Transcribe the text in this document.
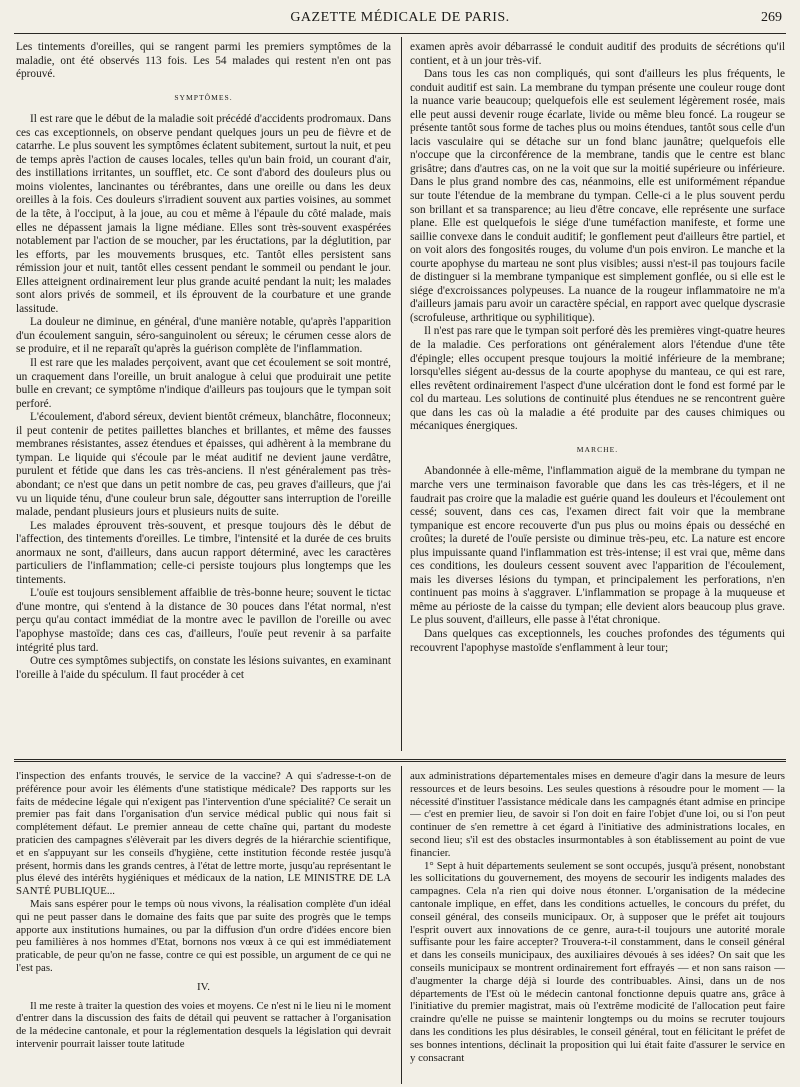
GAZETTE MÉDICALE DE PARIS.	269

Les tintements d'oreilles, qui se rangent parmi les premiers symptômes de la maladie, ont été observés 113 fois. Les 54 malades qui restent n'en ont pas éprouvé.

SYMPTÔMES.

Il est rare que le début de la maladie soit précédé d'accidents prodromaux. Dans ces cas exceptionnels, on observe pendant quelques jours un peu de fièvre et de catarrhe. Le plus souvent les symptômes éclatent subitement, surtout la nuit, et peu de temps après l'action de causes locales, telles qu'un bain froid, un courant d'air, des instillations irritantes, un soufflet, etc. Ce sont d'abord des douleurs plus ou moins violentes, lancinantes ou térébrantes, dans une oreille ou dans les deux oreilles à la fois. Ces douleurs s'irradient souvent aux parties voisines, au sommet de la tête, à l'occiput, à la joue, au cou et même à l'épaule du côté malade, mais elles ne dépassent jamais la ligne médiane. Elles sont très-souvent exaspérées notablement par l'action de se moucher, par les éructations, par la déglutition, par les efforts, par les mouvements brusques, etc. Tantôt elles persistent sans rémission jour et nuit, tantôt elles cessent pendant le sommeil ou pendant le jour. Elles atteignent ordinairement leur plus grande acuité pendant la nuit; les malades sont alors privés de sommeil, et ils éprouvent de la courbature et une grande lassitude.

La douleur ne diminue, en général, d'une manière notable, qu'après l'apparition d'un écoulement sanguin, séro-sanguinolent ou séreux; le cérumen cesse alors de se produire, et il ne reparaît qu'après la guérison complète de l'inflammation.

Il est rare que les malades perçoivent, avant que cet écoulement se soit montré, un craquement dans l'oreille, un bruit analogue à celui que produirait une petite bulle en crevant; ce symptôme n'indique d'ailleurs pas toujours que le tympan soit perforé.

L'écoulement, d'abord séreux, devient bientôt crémeux, blanchâtre, floconneux; il peut contenir de petites paillettes blanches et brillantes, et même des fausses membranes résistantes, assez étendues et épaisses, qui adhèrent à la membrane du tympan. Le liquide qui s'écoule par le méat auditif ne devient jaune verdâtre, purulent et fétide que dans les cas très-anciens. Il n'est généralement pas très-abondant; ce n'est que dans un petit nombre de cas, peu graves d'ailleurs, que j'ai vu un liquide ténu, d'une couleur brun sale, dégoutter sans interruption de l'oreille malade, pendant plusieurs jours et plusieurs nuits de suite.

Les malades éprouvent très-souvent, et presque toujours dès le début de l'affection, des tintements d'oreilles. Le timbre, l'intensité et la durée de ces bruits anormaux ne sont, d'ailleurs, dans aucun rapport déterminé, avec les caractères particuliers de l'inflammation; celle-ci persiste toujours plus longtemps que les tintements.

L'ouïe est toujours sensiblement affaiblie de très-bonne heure; souvent le tictac d'une montre, qui s'entend à la distance de 30 pouces dans l'état normal, n'est perçu qu'au contact immédiat de la montre avec le pavillon de l'oreille ou avec l'apophyse mastoïde; dans ces cas, d'ailleurs, l'ouïe peut revenir à sa parfaite intégrité plus tard.

Outre ces symptômes subjectifs, on constate les lésions suivantes, en examinant l'oreille à l'aide du spéculum. Il faut procéder à cet

examen après avoir débarrassé le conduit auditif des produits de sécrétions qu'il contient, et à un jour très-vif.

Dans tous les cas non compliqués, qui sont d'ailleurs les plus fréquents, le conduit auditif est sain. La membrane du tympan présente une couleur rouge dont la nuance varie beaucoup; quelquefois elle est seulement légèrement rosée, mais elle peut aussi devenir rouge écarlate, livide ou même bleu foncé. La rougeur se présente tantôt sous forme de taches plus ou moins étendues, tantôt sous celle d'un lacis vasculaire qui se détache sur un fond blanc jaunâtre; quelquefois elle n'occupe que la circonférence de la membrane, tandis que le centre est blanc grisâtre; dans d'autres cas, on ne la voit que sur la moitié supérieure ou inférieure. Dans le plus grand nombre des cas, néanmoins, elle est uniformément répandue sur toute l'étendue de la membrane du tympan. Celle-ci a le plus souvent perdu son brillant et sa transparence; au lieu d'être concave, elle représente une surface plane. Elle est quelquefois le siége d'une tuméfaction manifeste, et forme une saillie convexe dans le conduit auditif; le gonflement peut d'ailleurs être partiel, et on voit alors des fongosités rouges, du volume d'un pois environ. Le manche et la courte apophyse du marteau ne sont plus visibles; aussi n'est-il pas toujours facile de distinguer si la membrane tympanique est simplement gonflée, ou si elle est le siége d'excroissances polypeuses. La nuance de la rougeur inflammatoire ne m'a d'ailleurs jamais paru avoir un caractère spécial, en rapport avec quelque dyscrasie (scrofuleuse, arthritique ou syphilitique).

Il n'est pas rare que le tympan soit perforé dès les premières vingt-quatre heures de la maladie. Ces perforations ont généralement alors l'étendue d'une tête d'épingle; elles occupent presque toujours la moitié inférieure de la membrane; lorsqu'elles siégent au-dessus de la courte apophyse du manteau, ce qui est rare, elles revêtent ordinairement l'aspect d'une ulcération dont le fond est formé par le col du marteau. Les solutions de continuité plus étendues ne se rencontrent guère que dans les cas où la maladie a été produite par des causes chimiques ou mécaniques énergiques.

MARCHE.

Abandonnée à elle-même, l'inflammation aiguë de la membrane du tympan ne marche vers une terminaison favorable que dans les cas très-légers, et il ne faudrait pas croire que la maladie est guérie quand les douleurs et l'écoulement ont cessé; souvent, dans ces cas, l'examen direct fait voir que la membrane tympanique est encore recouverte d'un pus plus ou moins épais ou desséché en croûtes; la dureté de l'ouïe persiste ou diminue très-peu, etc. La nature est encore plus impuissante quand l'inflammation est très-intense; il est vrai que, même dans ces conditions, les douleurs cessent souvent avec l'apparition de l'écoulement, mais les diverses lésions du tympan, et principalement les perforations, n'en continuent pas moins à s'aggraver. L'inflammation se propage à la muqueuse et même au périoste de la caisse du tympan; elle devient alors beaucoup plus grave. Le plus souvent, d'ailleurs, elle passe à l'état chronique.

Dans quelques cas exceptionnels, les couches profondes des téguments qui recouvrent l'apophyse mastoïde s'enflamment à leur tour;

l'inspection des enfants trouvés, le service de la vaccine? A qui s'adresse-t-on de préférence pour avoir les éléments d'une statistique médicale? Des rapports sur les faits de médecine légale qui n'exigent pas l'intervention d'une spécialité? Ce serait un premier pas fait dans l'organisation d'un service médical public qui nous fait si complétement défaut. Le premier anneau de cette chaîne qui, partant du modeste praticien des campagnes s'élèverait par les divers degrés de la hiérarchie scientifique, et en s'appuyant sur les conseils d'hygiène, cette institution féconde restée jusqu'à présent, hormis dans les grands centres, à l'état de lettre morte, jusqu'au représentant le plus élevé des intérêts hygiéniques et médicaux de la nation, LE MINISTRE DE LA SANTÉ PUBLIQUE...

Mais sans espérer pour le temps où nous vivons, la réalisation complète d'un idéal qui ne peut passer dans le domaine des faits que par suite des progrès que le temps apporte aux institutions humaines, ou par la diffusion d'un ordre d'idées encore bien peu familières à nos hommes d'Etat, bornons nos vœux à ce qui est immédiatement praticable, de peur qu'on ne fasse, contre ce qui est possible, un argument de ce qui ne l'est pas.

IV.

Il me reste à traiter la question des voies et moyens. Ce n'est ni le lieu ni le moment d'entrer dans la discussion des faits de détail qui peuvent se rattacher à l'organisation de la médecine cantonale, et pour la réglementation desquels la législation qui devrait intervenir pourrait laisser toute latitude

aux administrations départementales mises en demeure d'agir dans la mesure de leurs ressources et de leurs besoins. Les seules questions à résoudre pour le moment — la nécessité d'instituer l'assistance médicale dans les campagnés étant admise en principe— c'est en premier lieu, de savoir si l'on doit en faire l'objet d'une loi, ou si l'on peut continuer de s'en remettre à cet égard à l'initiative des administrations locales, en second lieu; s'il est des obstacles insurmontables à son établissement au point de vue financier.

1° Sept à huit départements seulement se sont occupés, jusqu'à présent, nonobstant les sollicitations du gouvernement, des moyens de secourir les indigents malades des campagnes. Cela n'a rien qui doive nous étonner. L'organisation de la médecine cantonale implique, en effet, dans les conditions actuelles, le concours du préfet, du conseil général, des conseils municipaux. Or, à supposer que le préfet ait toujours l'esprit ouvert aux innovations de ce genre, aura-t-il toujours une autorité morale suffisante pour les faire accepter? Trouvera-t-il constamment, dans le conseil général et dans les conseils municipaux, des auxiliaires dévoués à ses idées? On sait que les conseils municipaux se montrent ordinairement fort effrayés — et non sans raison — d'augmenter la charge déjà si lourde des contribuables. Ainsi, dans un de nos départements de l'Est où le médecin cantonal fonctionne depuis quatre ans, grâce à l'initiative du premier magistrat, mais où l'extrême modicité de l'allocation peut faire craindre qu'elle ne puisse se maintenir longtemps ou du moins se recruter toujours dans les conditions les plus désirables, le conseil général, tout en félicitant le préfet de ses bonnes intentions, déclinait la proposition qui lui était faite d'assurer le service en y consacrant
